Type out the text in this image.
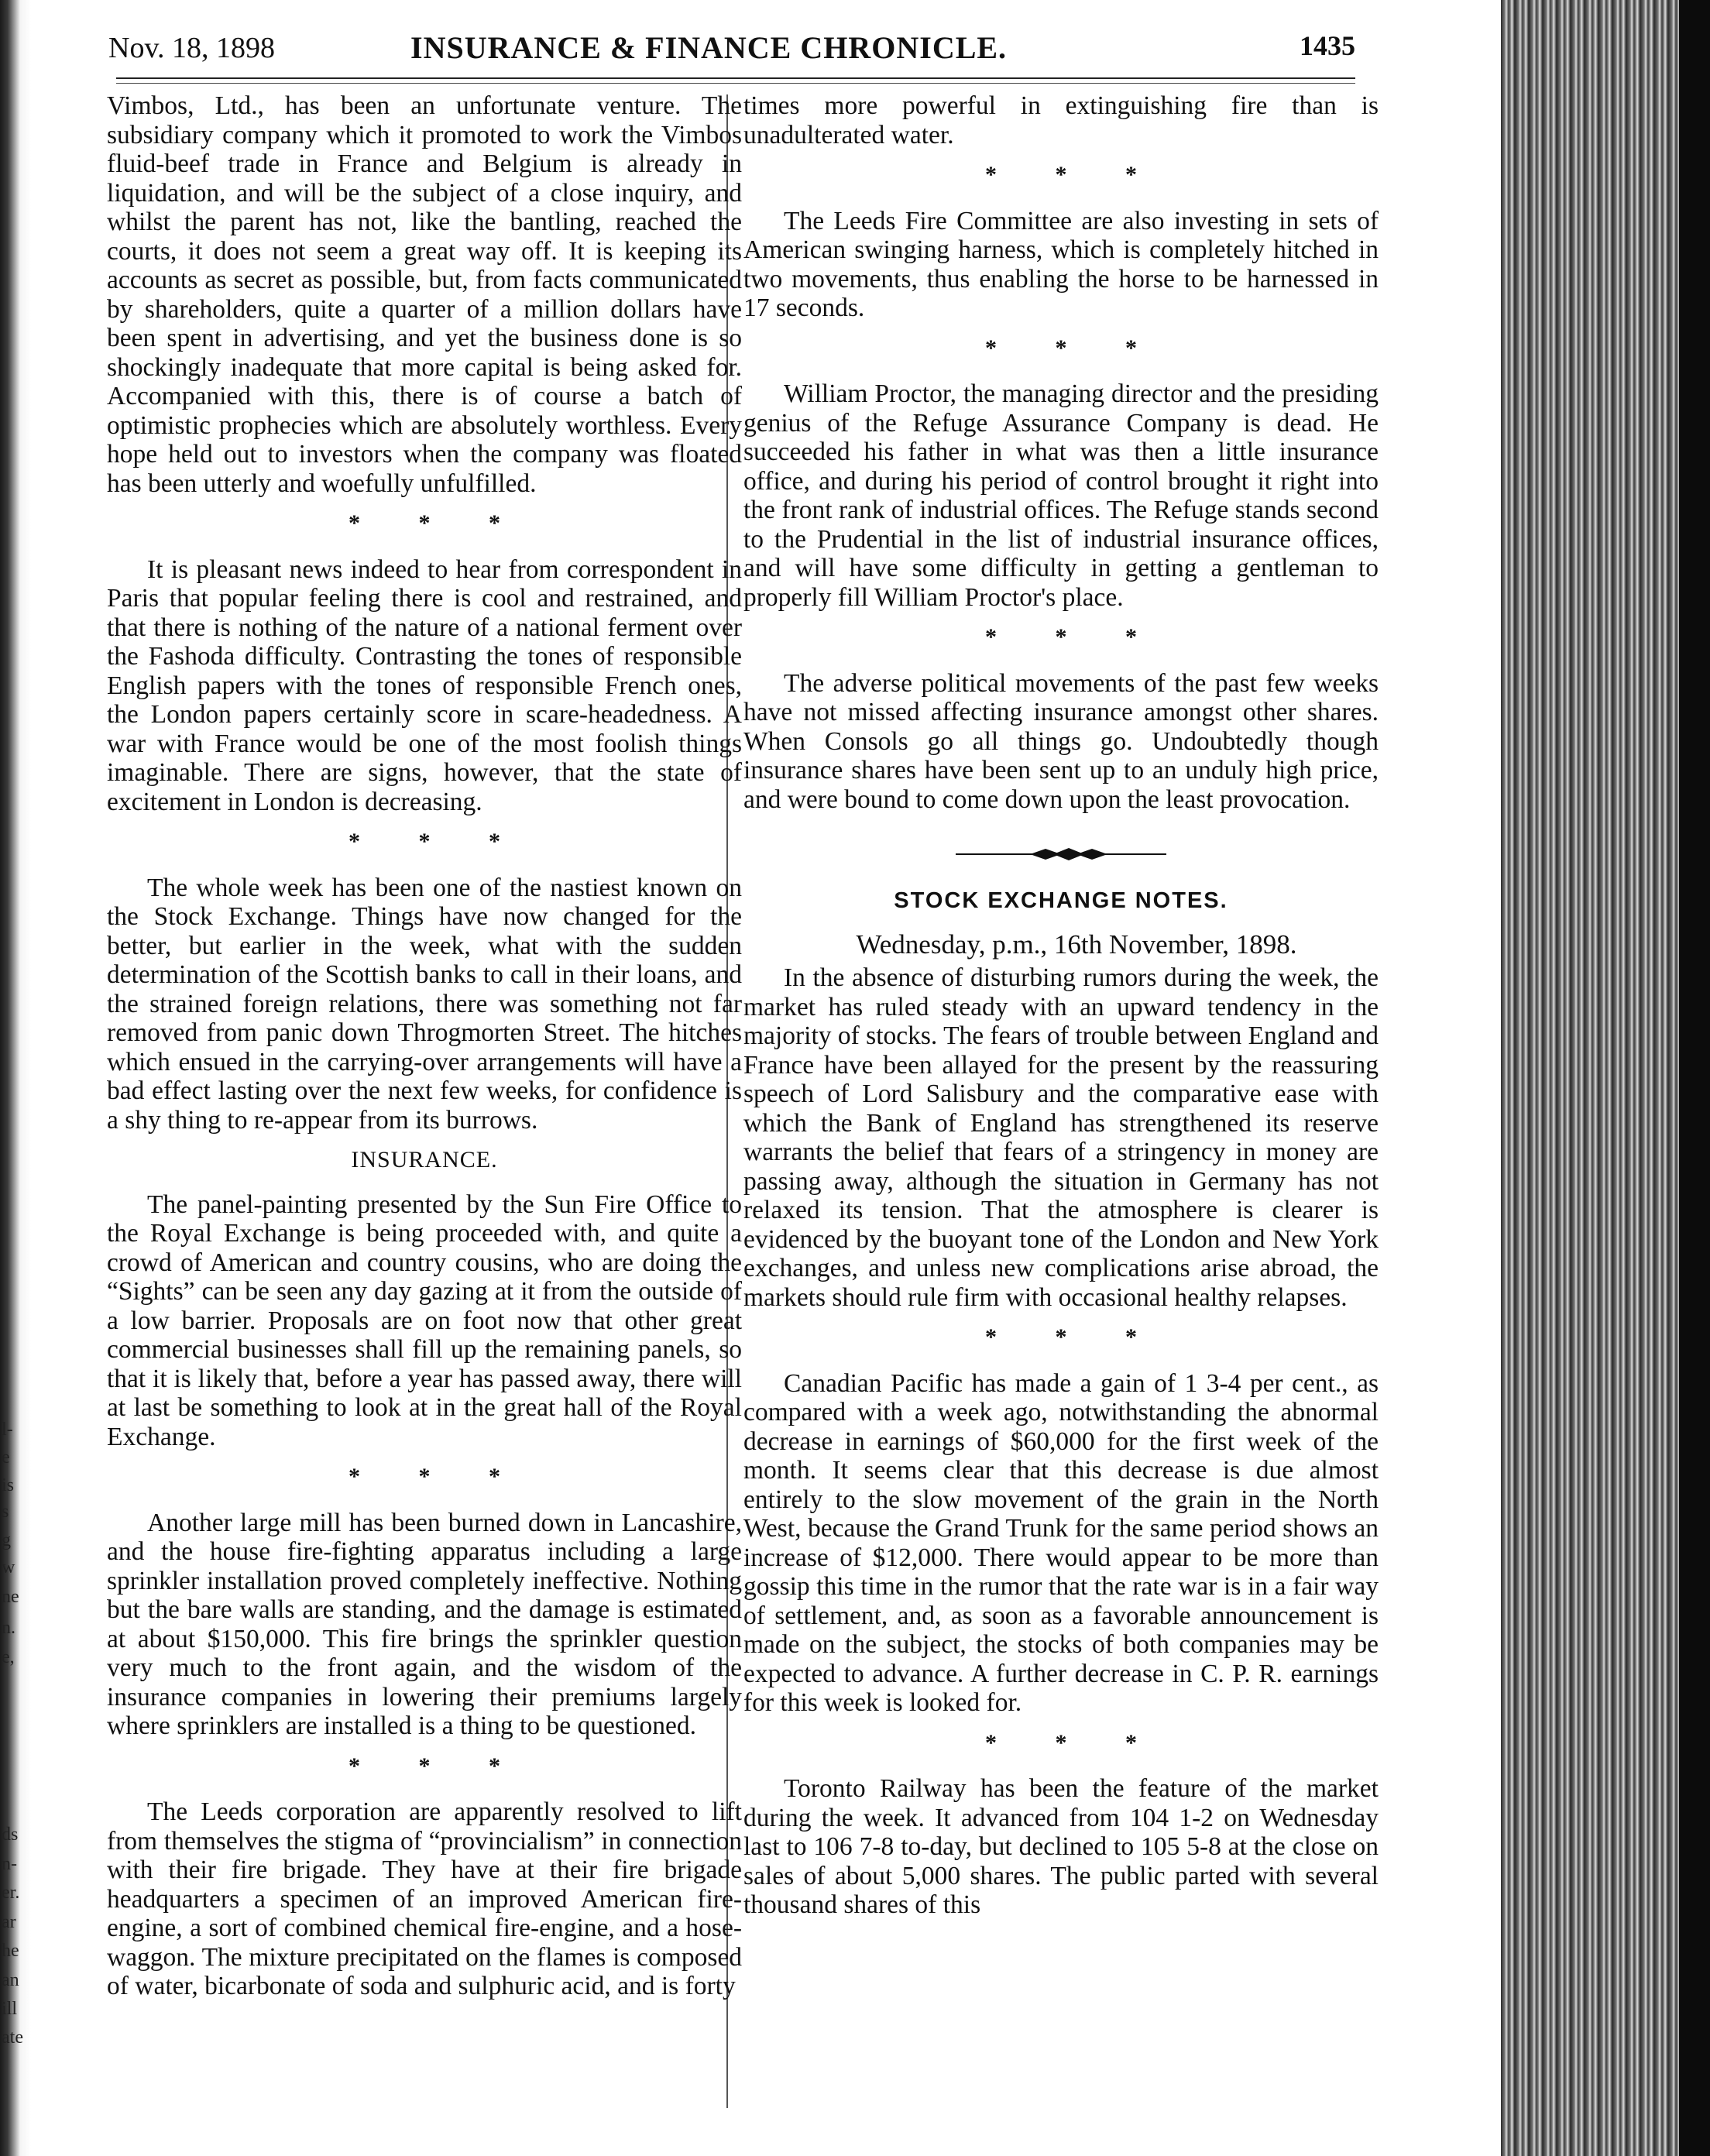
l-
e
is
s
g
w
ne
n.
e,
ds
n-
er.
ar
he
an
ill
ate
Nov. 18, 1898	INSURANCE & FINANCE CHRONICLE.	1435

Vimbos, Ltd., has been an unfortunate venture. The subsidiary company which it promoted to work the Vimbos fluid-beef trade in France and Belgium is already in liquidation, and will be the subject of a close inquiry, and whilst the parent has not, like the bantling, reached the courts, it does not seem a great way off. It is keeping its accounts as secret as possible, but, from facts communicated by shareholders, quite a quarter of a million dollars have been spent in advertising, and yet the business done is so shockingly inadequate that more capital is being asked for. Accompanied with this, there is of course a batch of optimistic prophecies which are absolutely worthless. Every hope held out to investors when the company was floated has been utterly and woefully unfulfilled.

* * *

It is pleasant news indeed to hear from correspondent in Paris that popular feeling there is cool and restrained, and that there is nothing of the nature of a national ferment over the Fashoda difficulty. Contrasting the tones of responsible English papers with the tones of responsible French ones, the London papers certainly score in scare-headedness. A war with France would be one of the most foolish things imaginable. There are signs, however, that the state of excitement in London is decreasing.

* * *

The whole week has been one of the nastiest known on the Stock Exchange. Things have now changed for the better, but earlier in the week, what with the sudden determination of the Scottish banks to call in their loans, and the strained foreign relations, there was something not far removed from panic down Throgmorten Street. The hitches which ensued in the carrying-over arrangements will have a bad effect lasting over the next few weeks, for confidence is a shy thing to re-appear from its burrows.

INSURANCE.

The panel-painting presented by the Sun Fire Office to the Royal Exchange is being proceeded with, and quite a crowd of American and country cousins, who are doing the “Sights” can be seen any day gazing at it from the outside of a low barrier. Proposals are on foot now that other great commercial businesses shall fill up the remaining panels, so that it is likely that, before a year has passed away, there will at last be something to look at in the great hall of the Royal Exchange.

* * *

Another large mill has been burned down in Lancashire, and the house fire-fighting apparatus including a large sprinkler installation proved completely ineffective. Nothing but the bare walls are standing, and the damage is estimated at about $150,000. This fire brings the sprinkler question very much to the front again, and the wisdom of the insurance companies in lowering their premiums largely where sprinklers are installed is a thing to be questioned.

* * *

The Leeds corporation are apparently resolved to lift from themselves the stigma of “provincialism” in connection with their fire brigade. They have at their fire brigade headquarters a specimen of an improved American fire-engine, a sort of combined chemical fire-engine, and a hose-waggon. The mixture precipitated on the flames is composed of water, bicarbonate of soda and sulphuric acid, and is forty

times more powerful in extinguishing fire than is unadulterated water.

* * *

The Leeds Fire Committee are also investing in sets of American swinging harness, which is completely hitched in two movements, thus enabling the horse to be harnessed in 17 seconds.

* * *

William Proctor, the managing director and the presiding genius of the Refuge Assurance Company is dead. He succeeded his father in what was then a little insurance office, and during his period of control brought it right into the front rank of industrial offices. The Refuge stands second to the Prudential in the list of industrial insurance offices, and will have some difficulty in getting a gentleman to properly fill William Proctor's place.

* * *

The adverse political movements of the past few weeks have not missed affecting insurance amongst other shares. When Consols go all things go. Undoubtedly though insurance shares have been sent up to an unduly high price, and were bound to come down upon the least provocation.

STOCK EXCHANGE NOTES.
Wednesday, p.m., 16th November, 1898.

In the absence of disturbing rumors during the week, the market has ruled steady with an upward tendency in the majority of stocks. The fears of trouble between England and France have been allayed for the present by the reassuring speech of Lord Salisbury and the comparative ease with which the Bank of England has strengthened its reserve warrants the belief that fears of a stringency in money are passing away, although the situation in Germany has not relaxed its tension. That the atmosphere is clearer is evidenced by the buoyant tone of the London and New York exchanges, and unless new complications arise abroad, the markets should rule firm with occasional healthy relapses.

* * *

Canadian Pacific has made a gain of 1 3-4 per cent., as compared with a week ago, notwithstanding the abnormal decrease in earnings of $60,000 for the first week of the month. It seems clear that this decrease is due almost entirely to the slow movement of the grain in the North West, because the Grand Trunk for the same period shows an increase of $12,000. There would appear to be more than gossip this time in the rumor that the rate war is in a fair way of settlement, and, as soon as a favorable announcement is made on the subject, the stocks of both companies may be expected to advance. A further decrease in C. P. R. earnings for this week is looked for.

* * *

Toronto Railway has been the feature of the market during the week. It advanced from 104 1-2 on Wednesday last to 106 7-8 to-day, but declined to 105 5-8 at the close on sales of about 5,000 shares. The public parted with several thousand shares of this
